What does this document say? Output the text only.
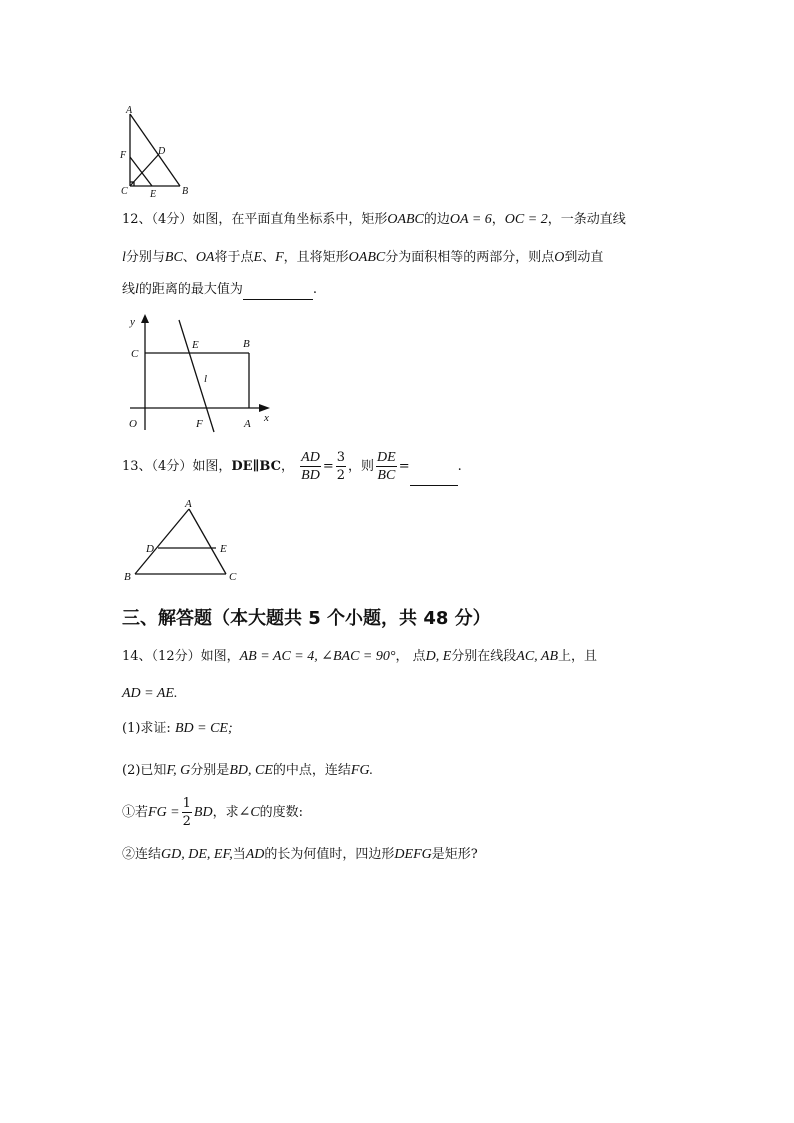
A
F	D
C E	B
12、（4分）如图，在平面直角坐标系中，矩形OABC的边OA = 6，OC = 2，一条动直线
l分别与BC、OA将于点E、F，且将矩形OABC分为面积相等的两部分，则点O到动直
线l的距离的最大值为	.
y
x
C
E	B
l
O	F	A
13、（4分）如图，DE∥BC， $\frac{AD}{BD} = \frac{3}{2}$ ，则 $\frac{DE}{BC}$ =	.
A
D	E
B	C
三、解答题（本大题共 5 个小题，共 48 分）
14、（12分）如图，AB = AC = 4, ∠BAC = 90°， 点D, E分别在线段AC, AB上，且
AD = AE.
(1)求证: BD = CE;
(2)已知F, G分别是BD, CE的中点，连结FG.
①若FG = $\frac{1}{2}$ BD，求∠C的度数:
②连结GD, DE, EF,当AD的长为何值时，四边形DEFG是矩形?
